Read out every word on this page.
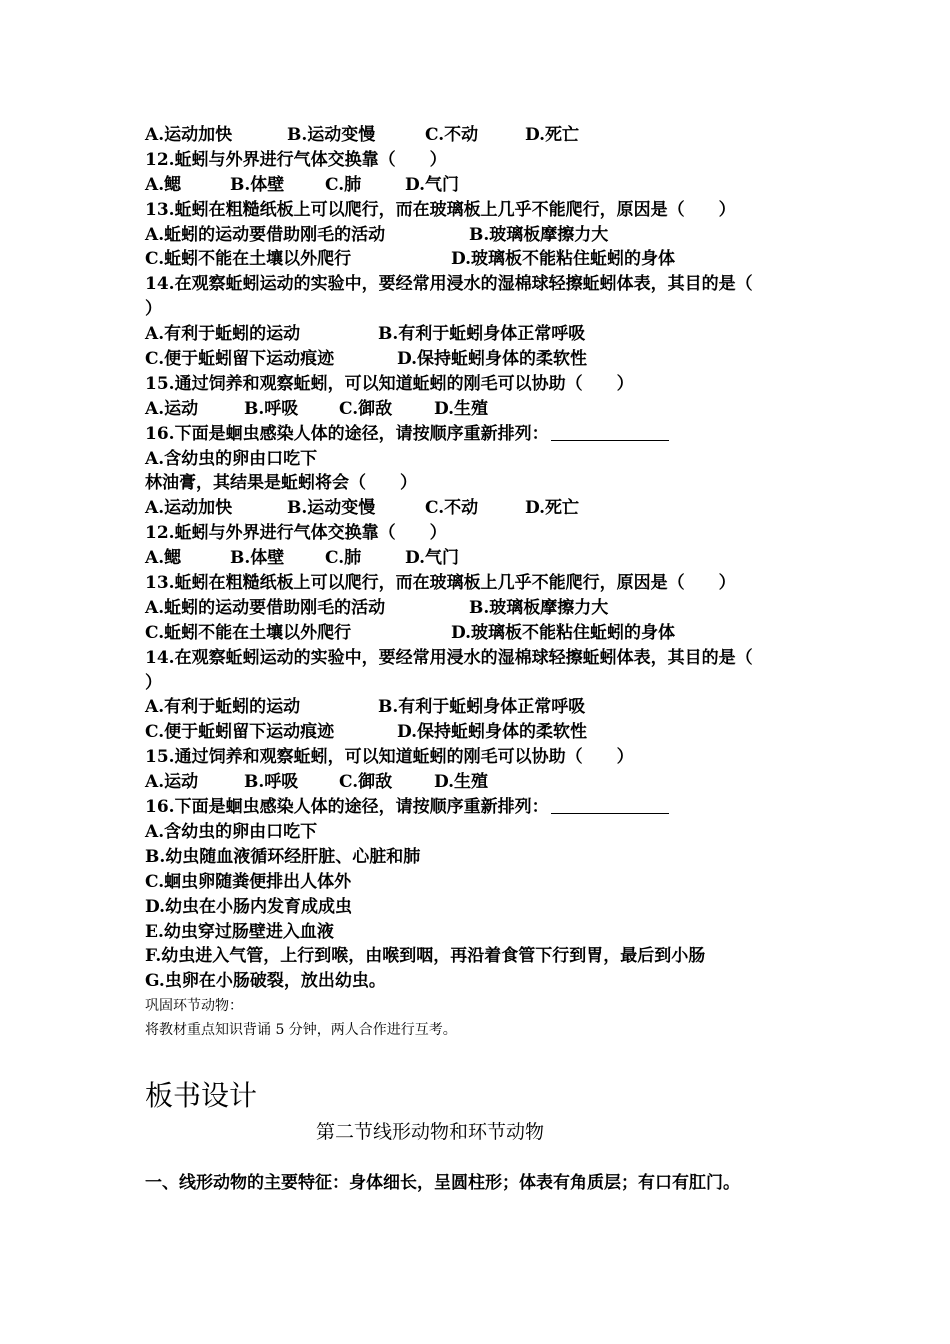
A.运动加快	B.运动变慢	C.不动	D.死亡
12.蚯蚓与外界进行气体交换靠（　　）
A.鳃	B.体壁 C.肺	D.气门
13.蚯蚓在粗糙纸板上可以爬行，而在玻璃板上几乎不能爬行，原因是（　　）
A.蚯蚓的运动要借助刚毛的活动	B.玻璃板摩擦力大
C.蚯蚓不能在土壤以外爬行	D.玻璃板不能粘住蚯蚓的身体
14.在观察蚯蚓运动的实验中，要经常用浸水的湿棉球轻擦蚯蚓体表，其目的是（
）
A.有利于蚯蚓的运动	B.有利于蚯蚓身体正常呼吸
C.便于蚯蚓留下运动痕迹	D.保持蚯蚓身体的柔软性
15.通过饲养和观察蚯蚓，可以知道蚯蚓的刚毛可以协助（　　）
A.运动	B.呼吸 C.御敌 D.生殖
16.下面是蛔虫感染人体的途径，请按顺序重新排列：
A.含幼虫的卵由口吃下
林油膏，其结果是蚯蚓将会（　　）
A.运动加快	B.运动变慢	C.不动	D.死亡
12.蚯蚓与外界进行气体交换靠（　　）
A.鳃	B.体壁 C.肺	D.气门
13.蚯蚓在粗糙纸板上可以爬行，而在玻璃板上几乎不能爬行，原因是（　　）
A.蚯蚓的运动要借助刚毛的活动	B.玻璃板摩擦力大
C.蚯蚓不能在土壤以外爬行	D.玻璃板不能粘住蚯蚓的身体
14.在观察蚯蚓运动的实验中，要经常用浸水的湿棉球轻擦蚯蚓体表，其目的是（
）
A.有利于蚯蚓的运动	B.有利于蚯蚓身体正常呼吸
C.便于蚯蚓留下运动痕迹	D.保持蚯蚓身体的柔软性
15.通过饲养和观察蚯蚓，可以知道蚯蚓的刚毛可以协助（　　）
A.运动	B.呼吸 C.御敌 D.生殖
16.下面是蛔虫感染人体的途径，请按顺序重新排列：
A.含幼虫的卵由口吃下
B.幼虫随血液循环经肝脏、心脏和肺
C.蛔虫卵随粪便排出人体外
D.幼虫在小肠内发育成成虫
E.幼虫穿过肠壁进入血液
F.幼虫进入气管，上行到喉，由喉到咽，再沿着食管下行到胃，最后到小肠
G.虫卵在小肠破裂，放出幼虫。
巩固环节动物：
将教材重点知识背诵 5 分钟，两人合作进行互考。
板书设计
第二节线形动物和环节动物
一、线形动物的主要特征：身体细长，呈圆柱形；体表有角质层；有口有肛门。
